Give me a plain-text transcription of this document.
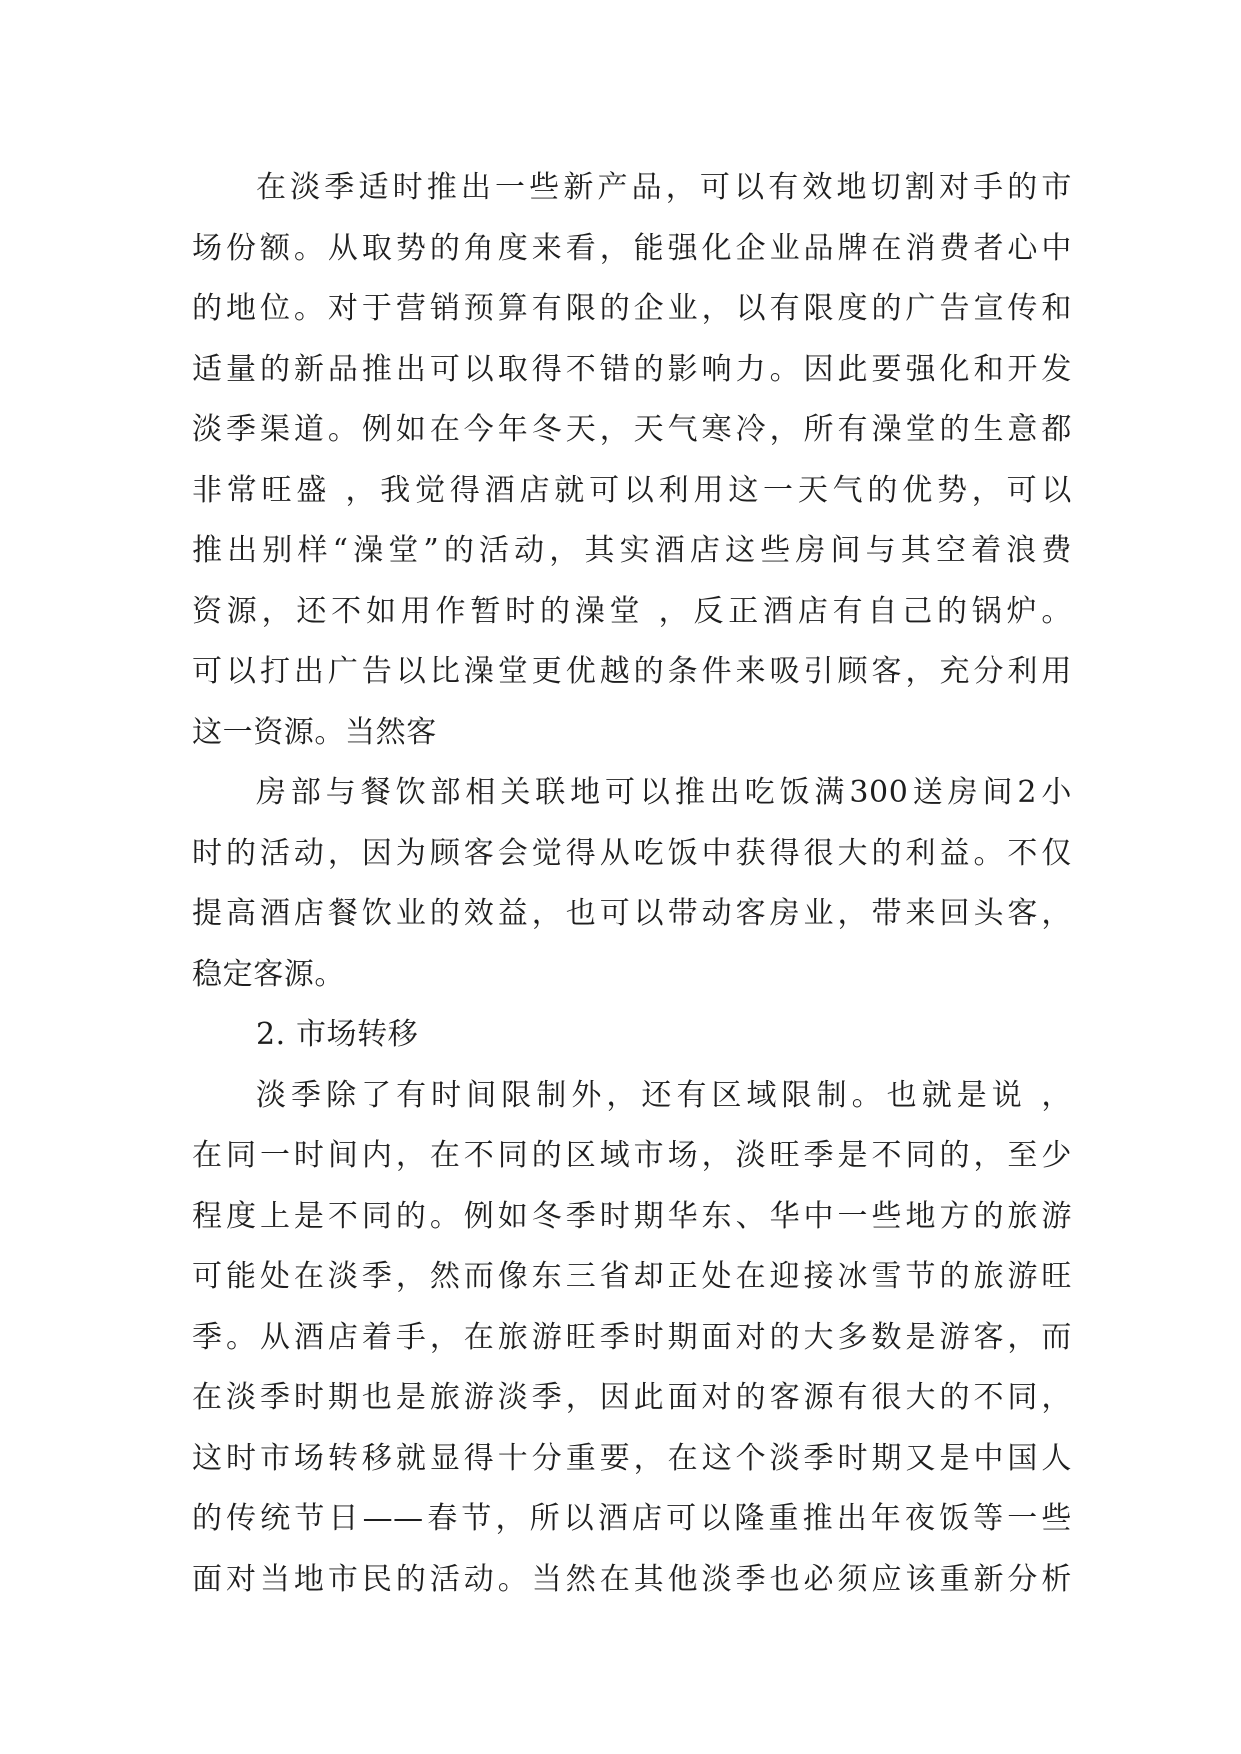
在淡季适时推出一些新产品，可以有效地切割对手的市
场份额。从取势的角度来看，能强化企业品牌在消费者心中
的地位。对于营销预算有限的企业，以有限度的广告宣传和
适量的新品推出可以取得不错的影响力。因此要强化和开发
淡季渠道。例如在今年冬天，天气寒冷，所有澡堂的生意都
非常旺盛 ，我觉得酒店就可以利用这一天气的优势，可以
推出别样“澡堂”的活动，其实酒店这些房间与其空着浪费
资源，还不如用作暂时的澡堂 ，反正酒店有自己的锅炉。
可以打出广告以比澡堂更优越的条件来吸引顾客，充分利用
这一资源。当然客
房部与餐饮部相关联地可以推出吃饭满300送房间2小
时的活动，因为顾客会觉得从吃饭中获得很大的利益。不仅
提高酒店餐饮业的效益，也可以带动客房业，带来回头客，
稳定客源。
2. 市场转移
淡季除了有时间限制外，还有区域限制。也就是说 ，
在同一时间内，在不同的区域市场，淡旺季是不同的，至少
程度上是不同的。例如冬季时期华东、华中一些地方的旅游
可能处在淡季，然而像东三省却正处在迎接冰雪节的旅游旺
季。从酒店着手，在旅游旺季时期面对的大多数是游客，而
在淡季时期也是旅游淡季，因此面对的客源有很大的不同，
这时市场转移就显得十分重要，在这个淡季时期又是中国人
的传统节日——春节，所以酒店可以隆重推出年夜饭等一些
面对当地市民的活动。当然在其他淡季也必须应该重新分析
